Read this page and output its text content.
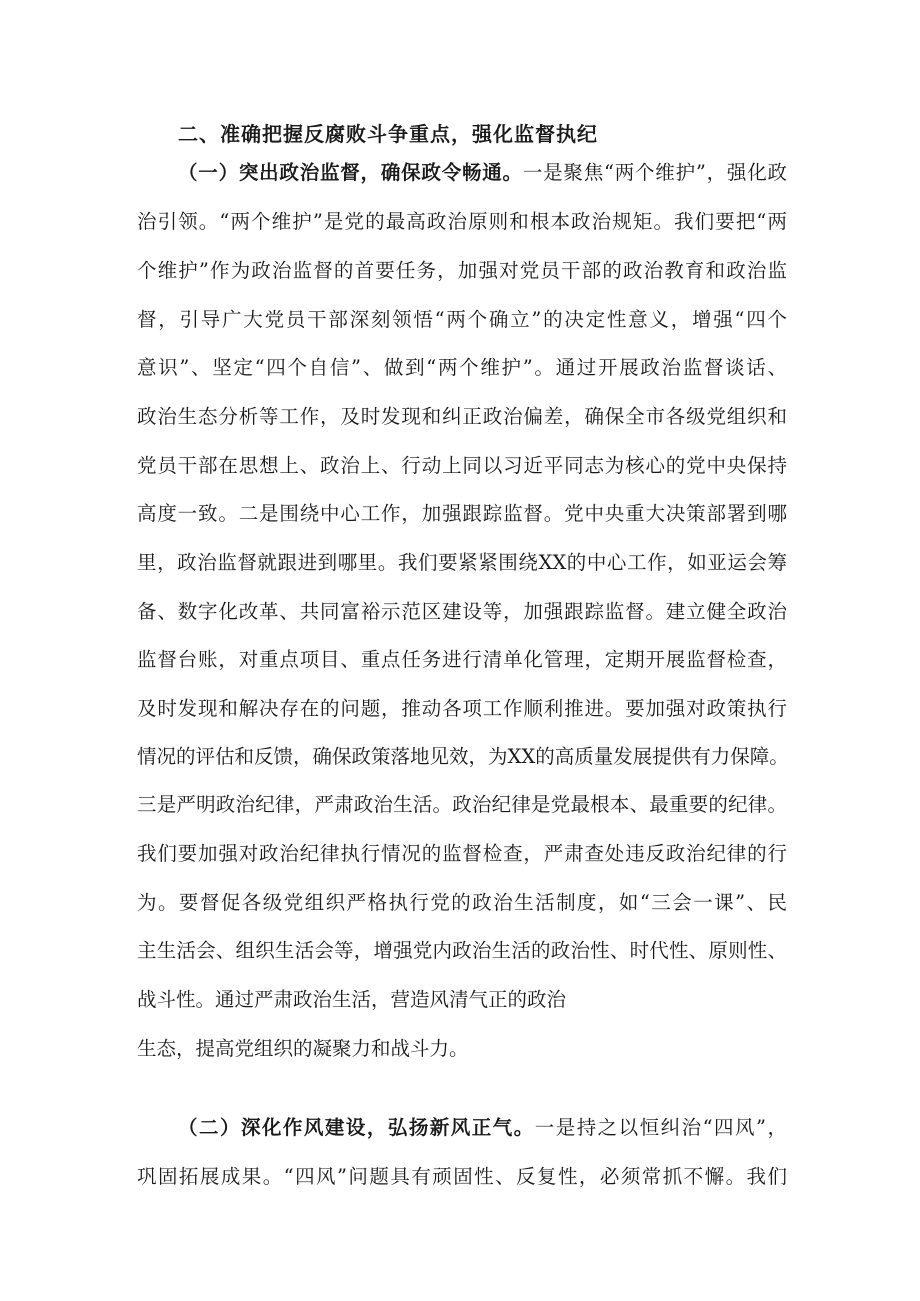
二、准确把握反腐败斗争重点，强化监督执纪
（一）突出政治监督，确保政令畅通。一是聚焦“两个维护”，强化政
治引领。“两个维护”是党的最高政治原则和根本政治规矩。我们要把“两
个维护”作为政治监督的首要任务，加强对党员干部的政治教育和政治监
督，引导广大党员干部深刻领悟“两个确立”的决定性意义，增强“四个
意识”、坚定“四个自信”、做到“两个维护”。通过开展政治监督谈话、
政治生态分析等工作，及时发现和纠正政治偏差，确保全市各级党组织和
党员干部在思想上、政治上、行动上同以习近平同志为核心的党中央保持
高度一致。二是围绕中心工作，加强跟踪监督。党中央重大决策部署到哪
里，政治监督就跟进到哪里。我们要紧紧围绕XX的中心工作，如亚运会筹
备、数字化改革、共同富裕示范区建设等，加强跟踪监督。建立健全政治
监督台账，对重点项目、重点任务进行清单化管理，定期开展监督检查，
及时发现和解决存在的问题，推动各项工作顺利推进。要加强对政策执行
情况的评估和反馈，确保政策落地见效，为XX的高质量发展提供有力保障。
三是严明政治纪律，严肃政治生活。政治纪律是党最根本、最重要的纪律。
我们要加强对政治纪律执行情况的监督检查，严肃查处违反政治纪律的行
为。要督促各级党组织严格执行党的政治生活制度，如“三会一课”、民
主生活会、组织生活会等，增强党内政治生活的政治性、时代性、原则性、
战斗性。通过严肃政治生活，营造风清气正的政治
生态，提高党组织的凝聚力和战斗力。
（二）深化作风建设，弘扬新风正气。一是持之以恒纠治“四风”，
巩固拓展成果。“四风”问题具有顽固性、反复性，必须常抓不懈。我们
